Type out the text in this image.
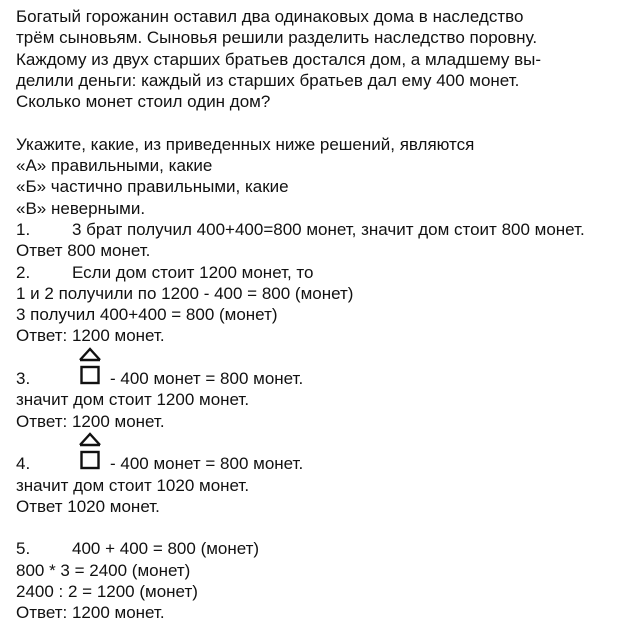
Богатый горожанин оставил два одинаковых дома в наследство
трём сыновьям. Сыновья решили разделить наследство поровну.
Каждому из двух старших братьев достался дом, а младшему вы-
делили деньги: каждый из старших братьев дал ему 400 монет.
Сколько монет стоил один дом?
Укажите, какие, из приведенных ниже решений, являются
«А» правильными, какие
«Б» частично правильными, какие
«В» неверными.
1. 3 брат получил 400+400=800 монет, значит дом стоит 800 монет.
Ответ 800 монет.
2. Если дом стоит 1200 монет, то
1 и 2 получили по 1200 - 400 = 800 (монет)
3 получил 400+400 = 800 (монет)
Ответ: 1200 монет.
3.	- 400 монет = 800 монет.
значит дом стоит 1200 монет.
Ответ: 1200 монет.
4.	- 400 монет = 800 монет.
значит дом стоит 1020 монет.
Ответ 1020 монет.
5. 400 + 400 = 800 (монет)
800 * 3 = 2400 (монет)
2400 : 2 = 1200 (монет)
Ответ: 1200 монет.
